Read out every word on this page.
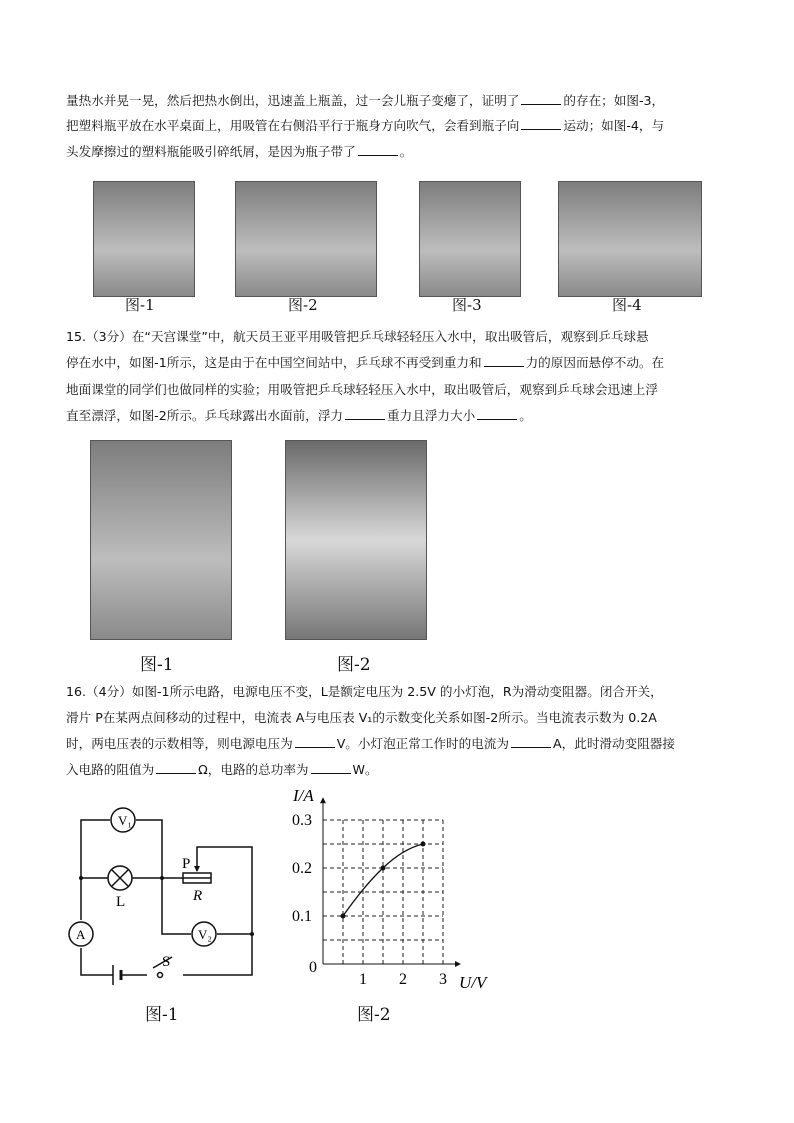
量热水并晃一晃，然后把热水倒出，迅速盖上瓶盖，过一会儿瓶子变瘪了，证明了	的存在；如图-3，
把塑料瓶平放在水平桌面上，用吸管在右侧沿平行于瓶身方向吹气，会看到瓶子向	运动；如图-4，与
头发摩擦过的塑料瓶能吸引碎纸屑，是因为瓶子带了	。
图-1	图-2	图-3	图-4
15.（3分）在“天宫课堂”中，航天员王亚平用吸管把乒乓球轻轻压入水中，取出吸管后，观察到乒乓球悬
停在水中，如图-1所示，这是由于在中国空间站中，乒乓球不再受到重力和	力的原因而悬停不动。在
地面课堂的同学们也做同样的实验；用吸管把乒乓球轻轻压入水中，取出吸管后，观察到乒乓球会迅速上浮
直至漂浮，如图-2所示。乒乓球露出水面前，浮力	重力且浮力大小	。
图-1	图-2
16.（4分）如图-1所示电路，电源电压不变，L是额定电压为 2.5V 的小灯泡，R为滑动变阻器。闭合开关，
滑片 P在某两点间移动的过程中，电流表 A与电压表 V₁的示数变化关系如图-2所示。当电流表示数为 0.2A
时，两电压表的示数相等，则电源电压为	V。小灯泡正常工作时的电流为	A，此时滑动变阻器接
入电路的阻值为	Ω，电路的总功率为	W。
V₁
V₂
A
L
P
R
S
1 2 3
0.1
0.2
0.3
0
U/V
I/A
图-1	图-2
